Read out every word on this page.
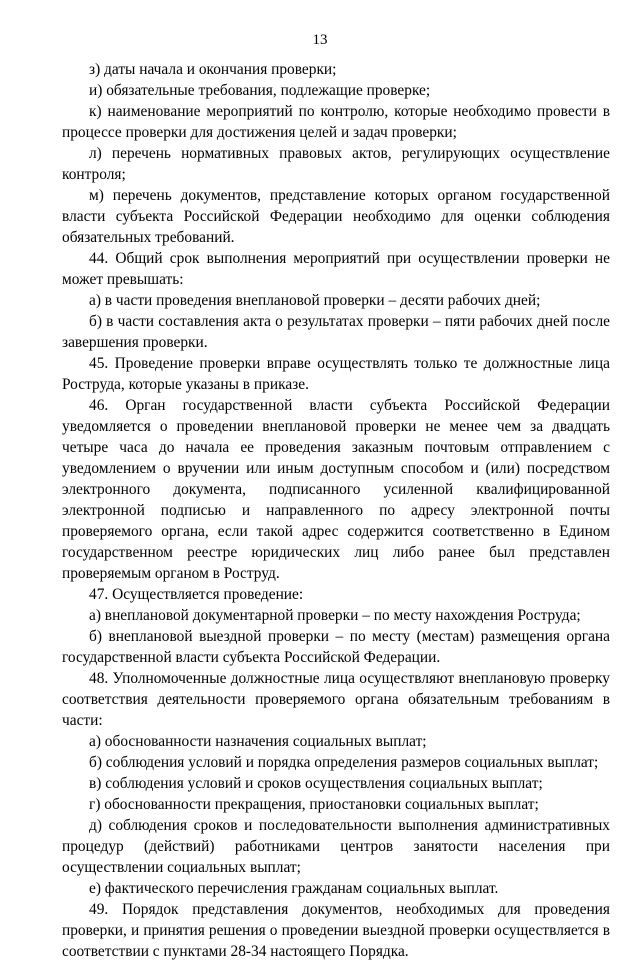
13

з) даты начала и окончания проверки;

и) обязательные требования, подлежащие проверке;

к) наименование мероприятий по контролю, которые необходимо провести в процессе проверки для достижения целей и задач проверки;

л) перечень нормативных правовых актов, регулирующих осуществление контроля;

м) перечень документов, представление которых органом государственной власти субъекта Российской Федерации необходимо для оценки соблюдения обязательных требований.

44. Общий срок выполнения мероприятий при осуществлении проверки не может превышать:

а) в части проведения внеплановой проверки – десяти рабочих дней;

б) в части составления акта о результатах проверки – пяти рабочих дней после завершения проверки.

45. Проведение проверки вправе осуществлять только те должностные лица Роструда, которые указаны в приказе.

46. Орган государственной власти субъекта Российской Федерации уведомляется о проведении внеплановой проверки не менее чем за двадцать четыре часа до начала ее проведения заказным почтовым отправлением с уведомлением о вручении или иным доступным способом и (или) посредством электронного документа, подписанного усиленной квалифицированной электронной подписью и направленного по адресу электронной почты проверяемого органа, если такой адрес содержится соответственно в Едином государственном реестре юридических лиц либо ранее был представлен проверяемым органом в Роструд.

47. Осуществляется проведение:

а) внеплановой документарной проверки – по месту нахождения Роструда;

б) внеплановой выездной проверки – по месту (местам) размещения органа государственной власти субъекта Российской Федерации.

48. Уполномоченные должностные лица осуществляют внеплановую проверку соответствия деятельности проверяемого органа обязательным требованиям в части:

а) обоснованности назначения социальных выплат;

б) соблюдения условий и порядка определения размеров социальных выплат;

в) соблюдения условий и сроков осуществления социальных выплат;

г) обоснованности прекращения, приостановки социальных выплат;

д) соблюдения сроков и последовательности выполнения административных процедур (действий) работниками центров занятости населения при осуществлении социальных выплат;

е) фактического перечисления гражданам социальных выплат.

49. Порядок представления документов, необходимых для проведения проверки, и принятия решения о проведении выездной проверки осуществляется в соответствии с пунктами 28-34 настоящего Порядка.
